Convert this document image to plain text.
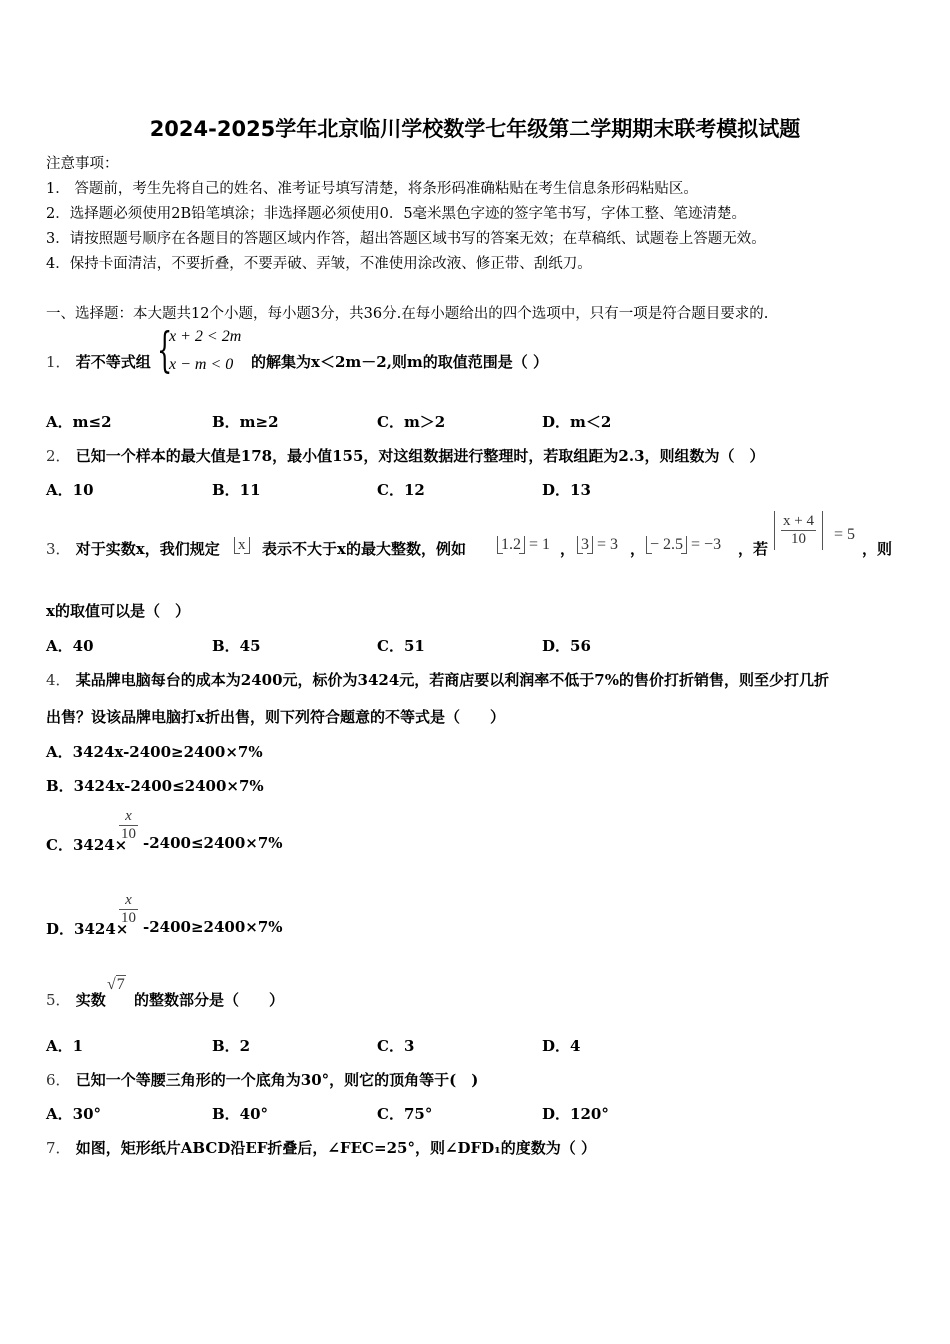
2024-2025学年北京临川学校数学七年级第二学期期末联考模拟试题
注意事项：
1． 答题前，考生先将自己的姓名、准考证号填写清楚，将条形码准确粘贴在考生信息条形码粘贴区。
2．选择题必须使用2B铅笔填涂；非选择题必须使用0．5毫米黑色字迹的签字笔书写，字体工整、笔迹清楚。
3．请按照题号顺序在各题目的答题区域内作答，超出答题区域书写的答案无效；在草稿纸、试题卷上答题无效。
4．保持卡面清洁，不要折叠，不要弄破、弄皱，不准使用涂改液、修正带、刮纸刀。
一、选择题：本大题共12个小题，每小题3分，共36分.在每小题给出的四个选项中，只有一项是符合题目要求的.
1． 若不等式组 {
x + 2 < 2m
x − m < 0 的解集为x＜2m－2,则m的取值范围是（ ）
A．m≤2	B．m≥2	C．m＞2	D．m＜2
2． 已知一个样本的最大值是178，最小值155，对这组数据进行整理时，若取组距为2.3，则组数为（　）
A．10	B．11	C．12	D．13
3． 对于实数x，我们规定 x 表示不大于x的最大整数，例如 1.2 = 1 ， 3 = 3 ， − 2.5 = −3 ，若
$\frac{x + 4}{10} = 5$
，则
x的取值可以是（　）
A．40	B．45	C．51	D．56
4． 某品牌电脑每台的成本为2400元，标价为3424元，若商店要以利润率不低于7%的售价打折销售，则至少打几折
出售？设该品牌电脑打x折出售，则下列符合题意的不等式是（　　）
A．3424x-2400≥2400×7%
B．3424x-2400≤2400×7%
C．3424×
$\frac{x}{10} -2400\le 2400\times 7\%$
D．3424×
$\frac{x}{10} -2400\ge 2400\times 7\%$
5． 实数
√7
的整数部分是（　　）
A．1	B．2	C．3	D．4
6． 已知一个等腰三角形的一个底角为30°，则它的顶角等于(　)
A．30°	B．40°	C．75°	D．120°
7． 如图，矩形纸片ABCD沿EF折叠后，∠FEC=25°，则∠DFD₁的度数为（ ）
